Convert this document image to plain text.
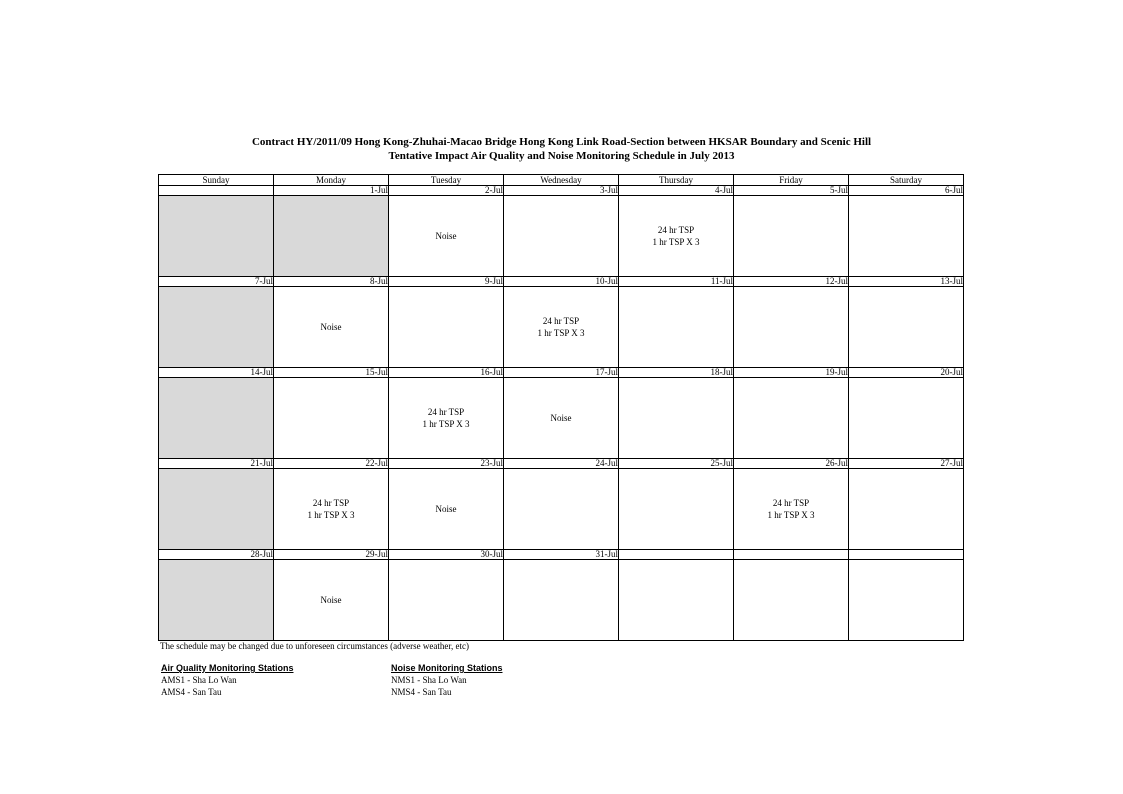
Contract HY/2011/09 Hong Kong-Zhuhai-Macao Bridge Hong Kong Link Road-Section between HKSAR Boundary and Scenic Hill
Tentative Impact Air Quality and Noise Monitoring Schedule in July 2013
Sunday	Monday	Tuesday	Wednesday	Thursday	Friday	Saturday
	1-Jul	2-Jul	3-Jul	4-Jul	5-Jul	6-Jul

		Noise		24 hr TSP
1 hr TSP X 3		

7-Jul	8-Jul	9-Jul	10-Jul	11-Jul	12-Jul	13-Jul

	Noise		24 hr TSP
1 hr TSP X 3			

14-Jul	15-Jul	16-Jul	17-Jul	18-Jul	19-Jul	20-Jul

		24 hr TSP
1 hr TSP X 3	Noise			

21-Jul	22-Jul	23-Jul	24-Jul	25-Jul	26-Jul	27-Jul

	24 hr TSP
1 hr TSP X 3	Noise			24 hr TSP
1 hr TSP X 3	

28-Jul	29-Jul	30-Jul	31-Jul			

	Noise					

The schedule may be changed due to unforeseen circumstances (adverse weather, etc)
Air Quality Monitoring Stations
AMS1 - Sha Lo Wan
AMS4 - San Tau
Noise Monitoring Stations
NMS1 - Sha Lo Wan
NMS4 - San Tau
